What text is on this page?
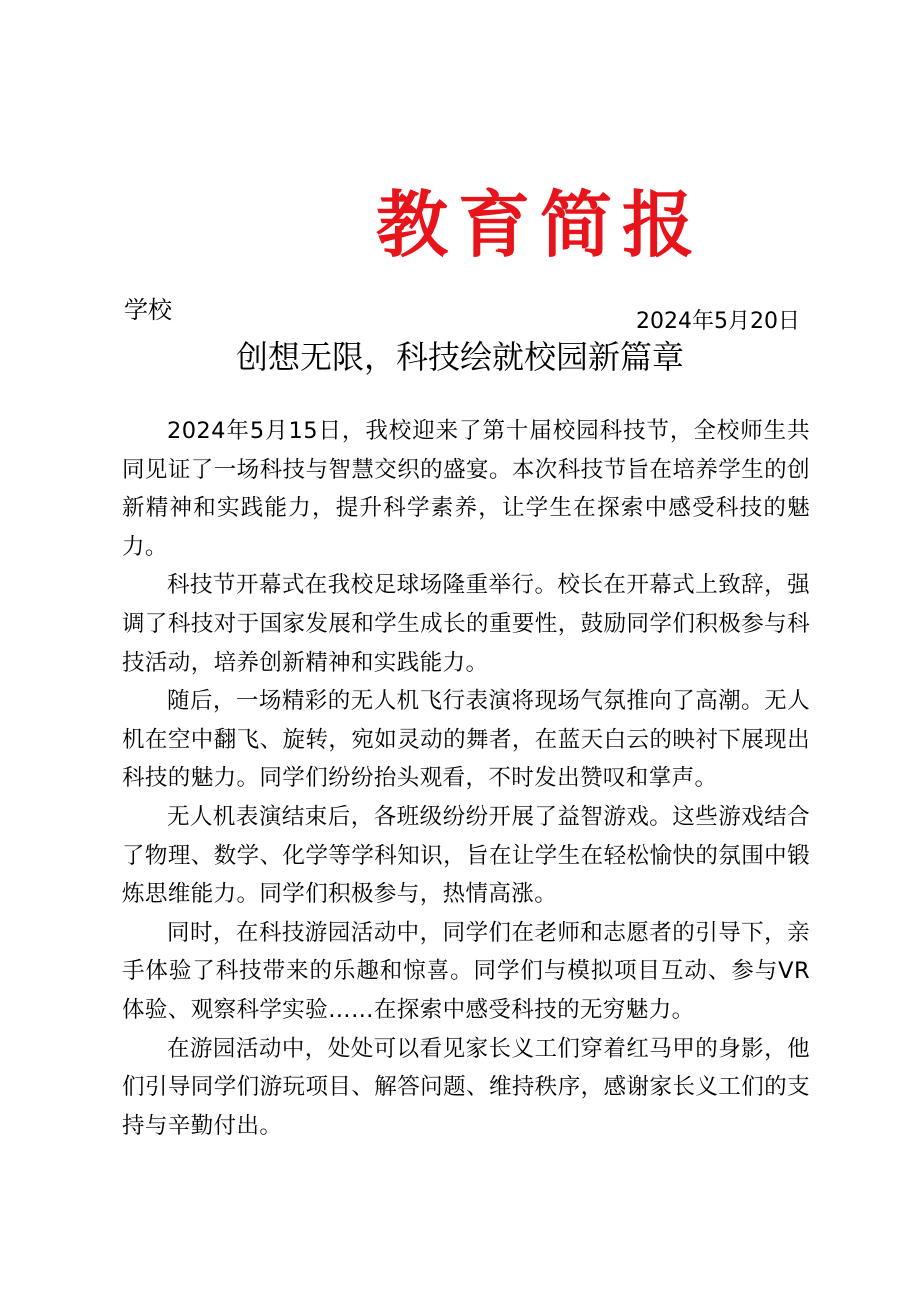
教育简报
学校	2024年5月20日
创想无限，科技绘就校园新篇章

2024年5月15日，我校迎来了第十届校园科技节，全校师生共同见证了一场科技与智慧交织的盛宴。本次科技节旨在培养学生的创新精神和实践能力，提升科学素养，让学生在探索中感受科技的魅力。

科技节开幕式在我校足球场隆重举行。校长在开幕式上致辞，强调了科技对于国家发展和学生成长的重要性，鼓励同学们积极参与科技活动，培养创新精神和实践能力。

随后，一场精彩的无人机飞行表演将现场气氛推向了高潮。无人机在空中翻飞、旋转，宛如灵动的舞者，在蓝天白云的映衬下展现出科技的魅力。同学们纷纷抬头观看，不时发出赞叹和掌声。

无人机表演结束后，各班级纷纷开展了益智游戏。这些游戏结合了物理、数学、化学等学科知识，旨在让学生在轻松愉快的氛围中锻炼思维能力。同学们积极参与，热情高涨。

同时，在科技游园活动中，同学们在老师和志愿者的引导下，亲手体验了科技带来的乐趣和惊喜。同学们与模拟项目互动、参与VR体验、观察科学实验……在探索中感受科技的无穷魅力。

在游园活动中，处处可以看见家长义工们穿着红马甲的身影，他们引导同学们游玩项目、解答问题、维持秩序，感谢家长义工们的支持与辛勤付出。
